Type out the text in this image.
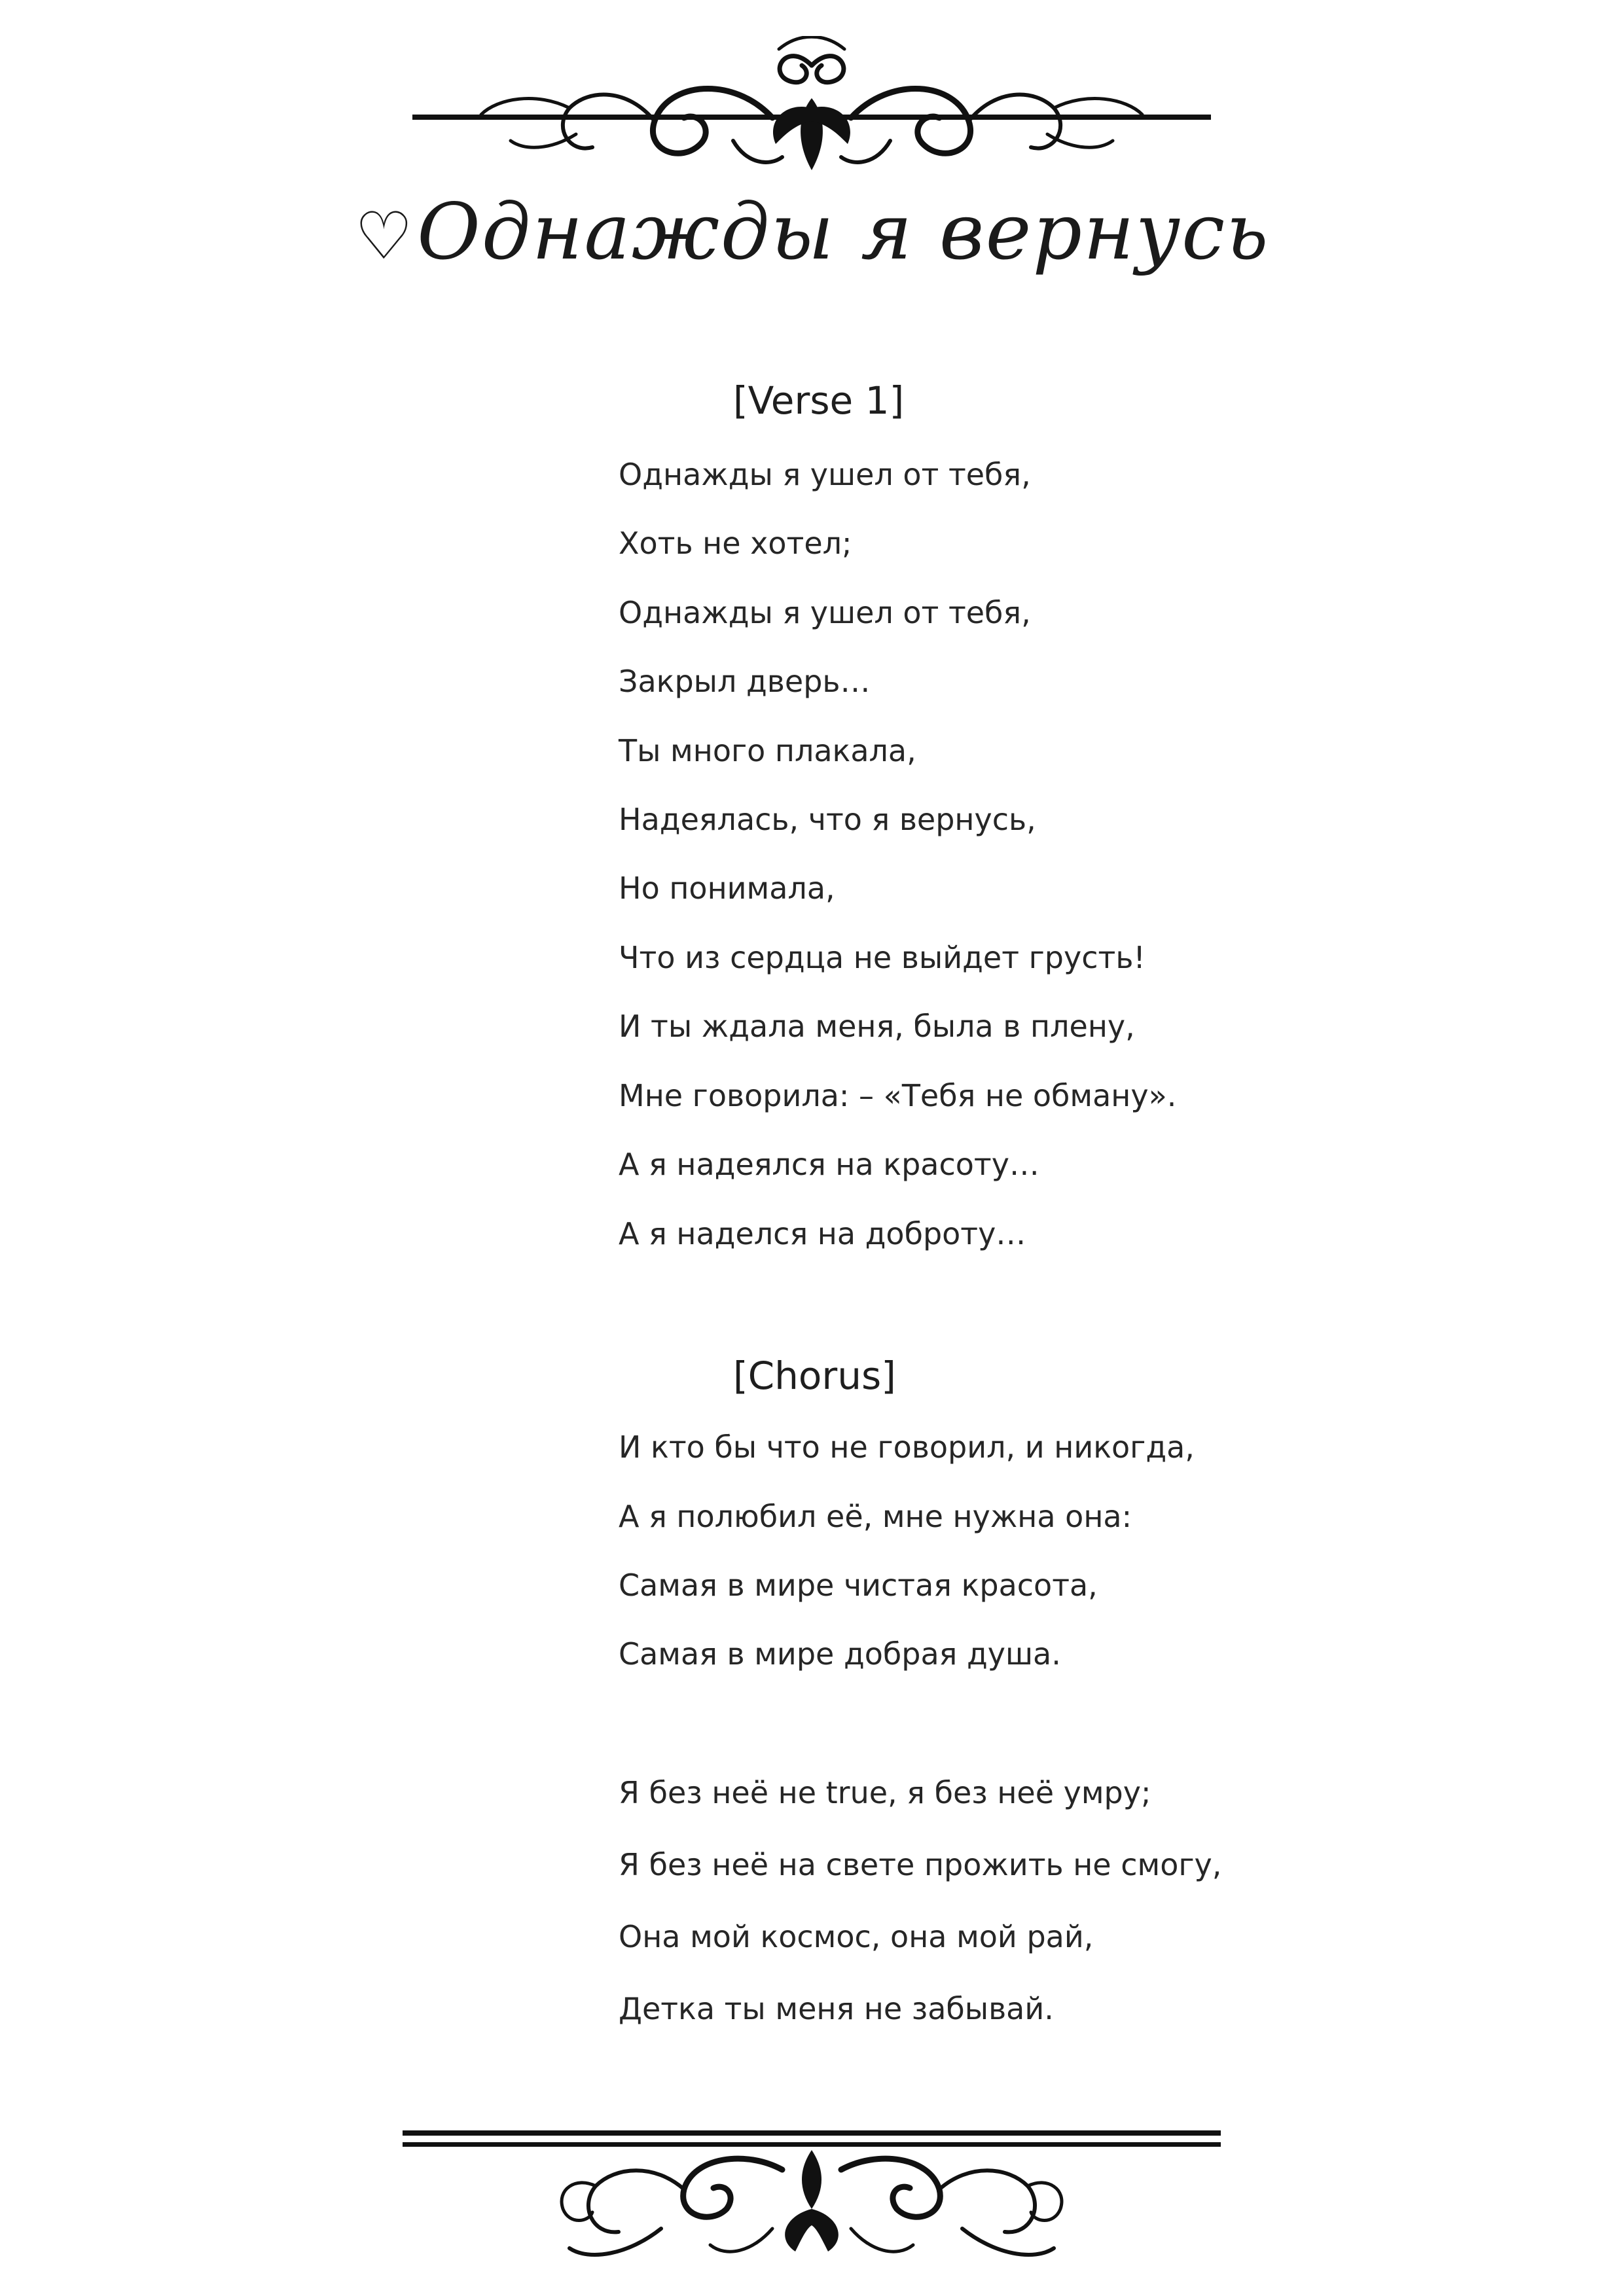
♡Однажды я вернусь
[Verse 1]
Однажды я ушел от тебя,
Хоть не хотел;
Однажды я ушел от тебя,
Закрыл дверь…
Ты много плакала,
Надеялась, что я вернусь,
Но понимала,
Что из сердца не выйдет грусть!
И ты ждала меня, была в плену,
Мне говорила: – «Тебя не обману».
А я надеялся на красоту…
А я наделся на доброту…
[Chorus]
И кто бы что не говорил, и никогда,
А я полюбил её, мне нужна она:
Самая в мире чистая красота,
Самая в мире добрая душа.
Я без неё не true, я без неё умру;
Я без неё на свете прожить не смогу,
Она мой космос, она мой рай,
Детка ты меня не забывай.
